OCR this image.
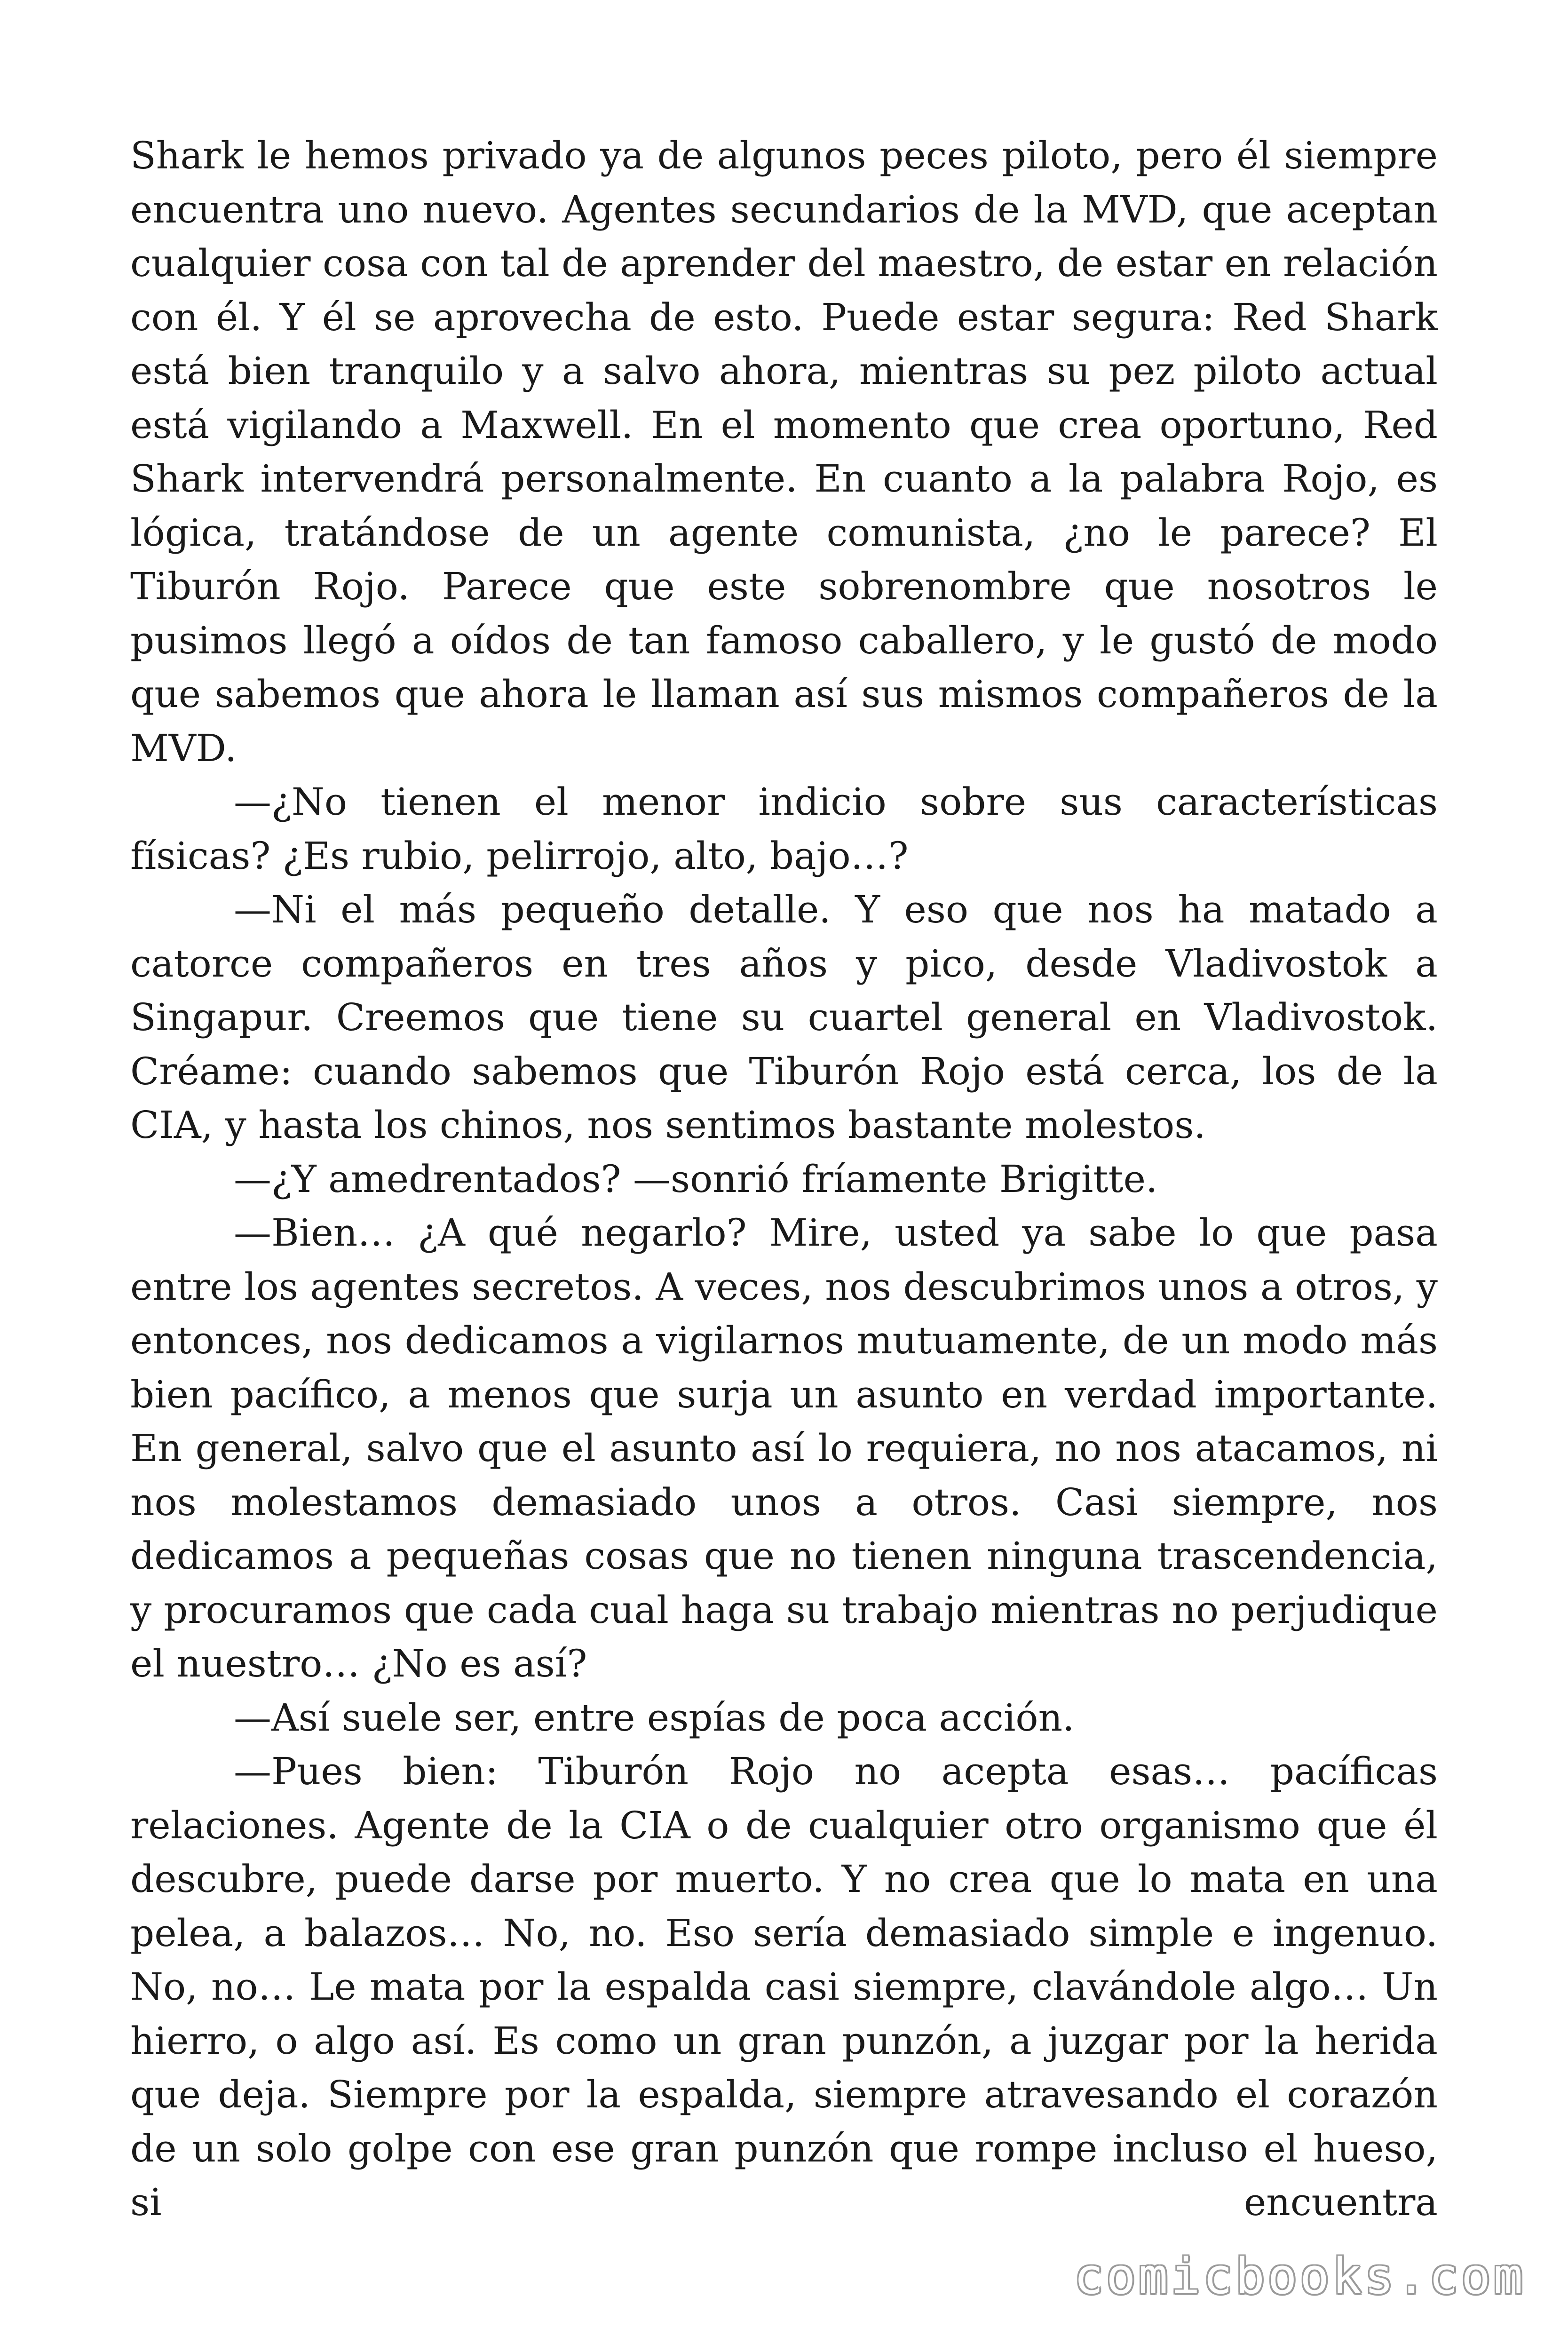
Shark le hemos privado ya de algunos peces piloto, pero él siempre encuentra uno nuevo. Agentes secundarios de la MVD, que aceptan cualquier cosa con tal de aprender del maestro, de estar en relación con él. Y él se aprovecha de esto. Puede estar segura: Red Shark está bien tranquilo y a salvo ahora, mientras su pez piloto actual está vigilando a Maxwell. En el momento que crea oportuno, Red Shark intervendrá personalmente. En cuanto a la palabra Rojo, es lógica, tratándose de un agente comunista, ¿no le parece? El Tiburón Rojo. Parece que este sobrenombre que nosotros le pusimos llegó a oídos de tan famoso caballero, y le gustó de modo que sabemos que ahora le llaman así sus mismos compañeros de la MVD.

—¿No tienen el menor indicio sobre sus características físicas? ¿Es rubio, pelirrojo, alto, bajo…?

—Ni el más pequeño detalle. Y eso que nos ha matado a catorce compañeros en tres años y pico, desde Vladivostok a Singapur. Creemos que tiene su cuartel general en Vladivostok. Créame: cuando sabemos que Tiburón Rojo está cerca, los de la CIA, y hasta los chinos, nos sentimos bastante molestos.

—¿Y amedrentados? —sonrió fríamente Brigitte.

—Bien… ¿A qué negarlo? Mire, usted ya sabe lo que pasa entre los agentes secretos. A veces, nos descubrimos unos a otros, y entonces, nos dedicamos a vigilarnos mutuamente, de un modo más bien pacífico, a menos que surja un asunto en verdad importante. En general, salvo que el asunto así lo requiera, no nos atacamos, ni nos molestamos demasiado unos a otros. Casi siempre, nos dedicamos a pequeñas cosas que no tienen ninguna trascendencia, y procuramos que cada cual haga su trabajo mientras no perjudique el nuestro… ¿No es así?

—Así suele ser, entre espías de poca acción.

—Pues bien: Tiburón Rojo no acepta esas… pacíficas relaciones. Agente de la CIA o de cualquier otro organismo que él descubre, puede darse por muerto. Y no crea que lo mata en una pelea, a balazos… No, no. Eso sería demasiado simple e ingenuo. No, no… Le mata por la espalda casi siempre, clavándole algo… Un hierro, o algo así. Es como un gran punzón, a juzgar por la herida que deja. Siempre por la espalda, siempre atravesando el corazón de un solo golpe con ese gran punzón que rompe incluso el hueso, si encuentra

comicbooks.com
